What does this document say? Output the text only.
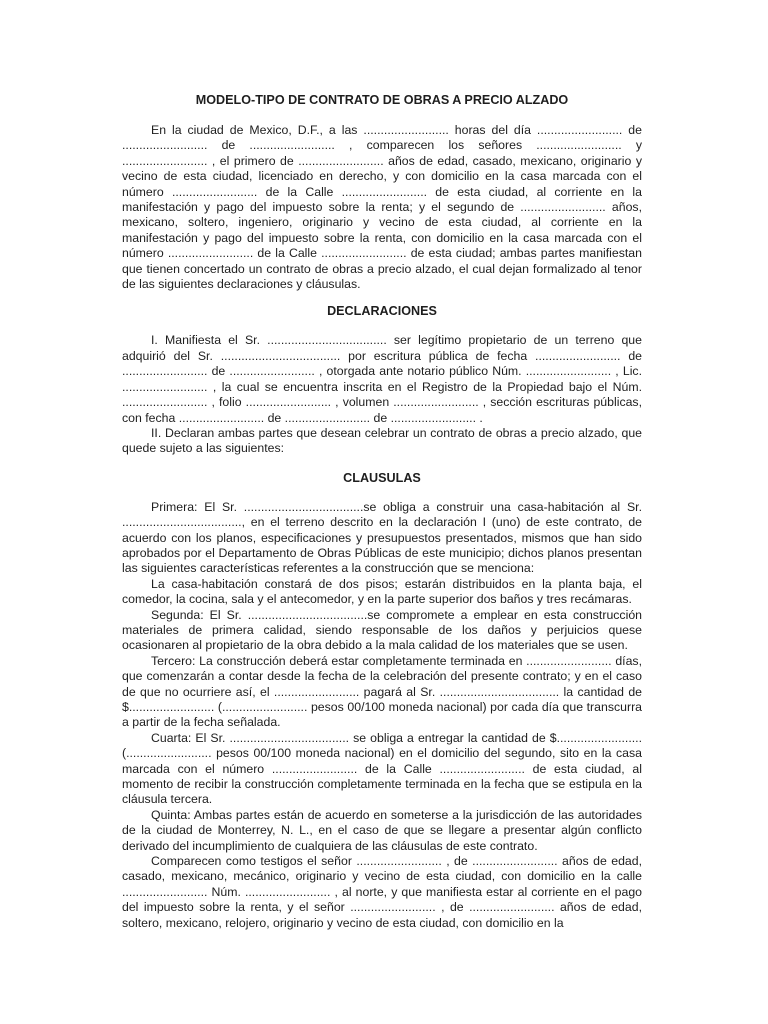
MODELO-TIPO DE CONTRATO DE OBRAS A PRECIO ALZADO

En la ciudad de Mexico, D.F., a las ......................... horas del día ......................... de ......................... de ......................... , comparecen los señores ......................... y ......................... , el primero de ......................... años de edad, casado, mexicano, originario y vecino de esta ciudad, licenciado en derecho, y con domicilio en la casa marcada con el número ......................... de la Calle ......................... de esta ciudad, al corriente en la manifestación y pago del impuesto sobre la renta; y el segundo de ......................... años, mexicano, soltero, ingeniero, originario y vecino de esta ciudad, al corriente en la manifestación y pago del impuesto sobre la renta, con domicilio en la casa marcada con el número ......................... de la Calle ......................... de esta ciudad; ambas partes manifiestan que tienen concertado un contrato de obras a precio alzado, el cual dejan formalizado al tenor de las siguientes declaraciones y cláusulas.

DECLARACIONES

I. Manifiesta el Sr. ................................... ser legítimo propietario de un terreno que adquirió del Sr. ................................... por escritura pública de fecha ......................... de ......................... de ......................... , otorgada ante notario público Núm. ......................... , Lic. ......................... , la cual se encuentra inscrita en el Registro de la Propiedad bajo el Núm. ......................... , folio ......................... , volumen ......................... , sección escrituras públicas, con fecha ......................... de ......................... de ......................... .

II. Declaran ambas partes que desean celebrar un contrato de obras a precio alzado, que quede sujeto a las siguientes:

CLAUSULAS

Primera: El Sr. ...................................se obliga a construir una casa-habitación al Sr. ..................................., en el terreno descrito en la declaración I (uno) de este contrato, de acuerdo con los planos, especificaciones y presupuestos presentados, mismos que han sido aprobados por el Departamento de Obras Públicas de este municipio; dichos planos presentan las siguientes características referentes a la construcción que se menciona:

La casa-habitación constará de dos pisos; estarán distribuidos en la planta baja, el comedor, la cocina, sala y el antecomedor, y en la parte superior dos baños y tres recámaras.

Segunda: El Sr. ...................................se compromete a emplear en esta construcción materiales de primera calidad, siendo responsable de los daños y perjuicios quese ocasionaren al propietario de la obra debido a la mala calidad de los materiales que se usen.

Tercero: La construcción deberá estar completamente terminada en ......................... días, que comenzarán a contar desde la fecha de la celebración del presente contrato; y en el caso de que no ocurriere así, el ......................... pagará al Sr. ................................... la cantidad de $......................... (......................... pesos 00/100 moneda nacional) por cada día que transcurra a partir de la fecha señalada.

Cuarta: El Sr. ................................... se obliga a entregar la cantidad de $......................... (......................... pesos 00/100 moneda nacional) en el domicilio del segundo, sito en la casa marcada con el número ......................... de la Calle ......................... de esta ciudad, al momento de recibir la construcción completamente terminada en la fecha que se estipula en la cláusula tercera.

Quinta: Ambas partes están de acuerdo en someterse a la jurisdicción de las autoridades de la ciudad de Monterrey, N. L., en el caso de que se llegare a presentar algún conflicto derivado del incumplimiento de cualquiera de las cláusulas de este contrato.

Comparecen como testigos el señor ......................... , de ......................... años de edad, casado, mexicano, mecánico, originario y vecino de esta ciudad, con domicilio en la calle ......................... Núm. ......................... , al norte, y que manifiesta estar al corriente en el pago del impuesto sobre la renta, y el señor ......................... , de ......................... años de edad, soltero, mexicano, relojero, originario y vecino de esta ciudad, con domicilio en la
